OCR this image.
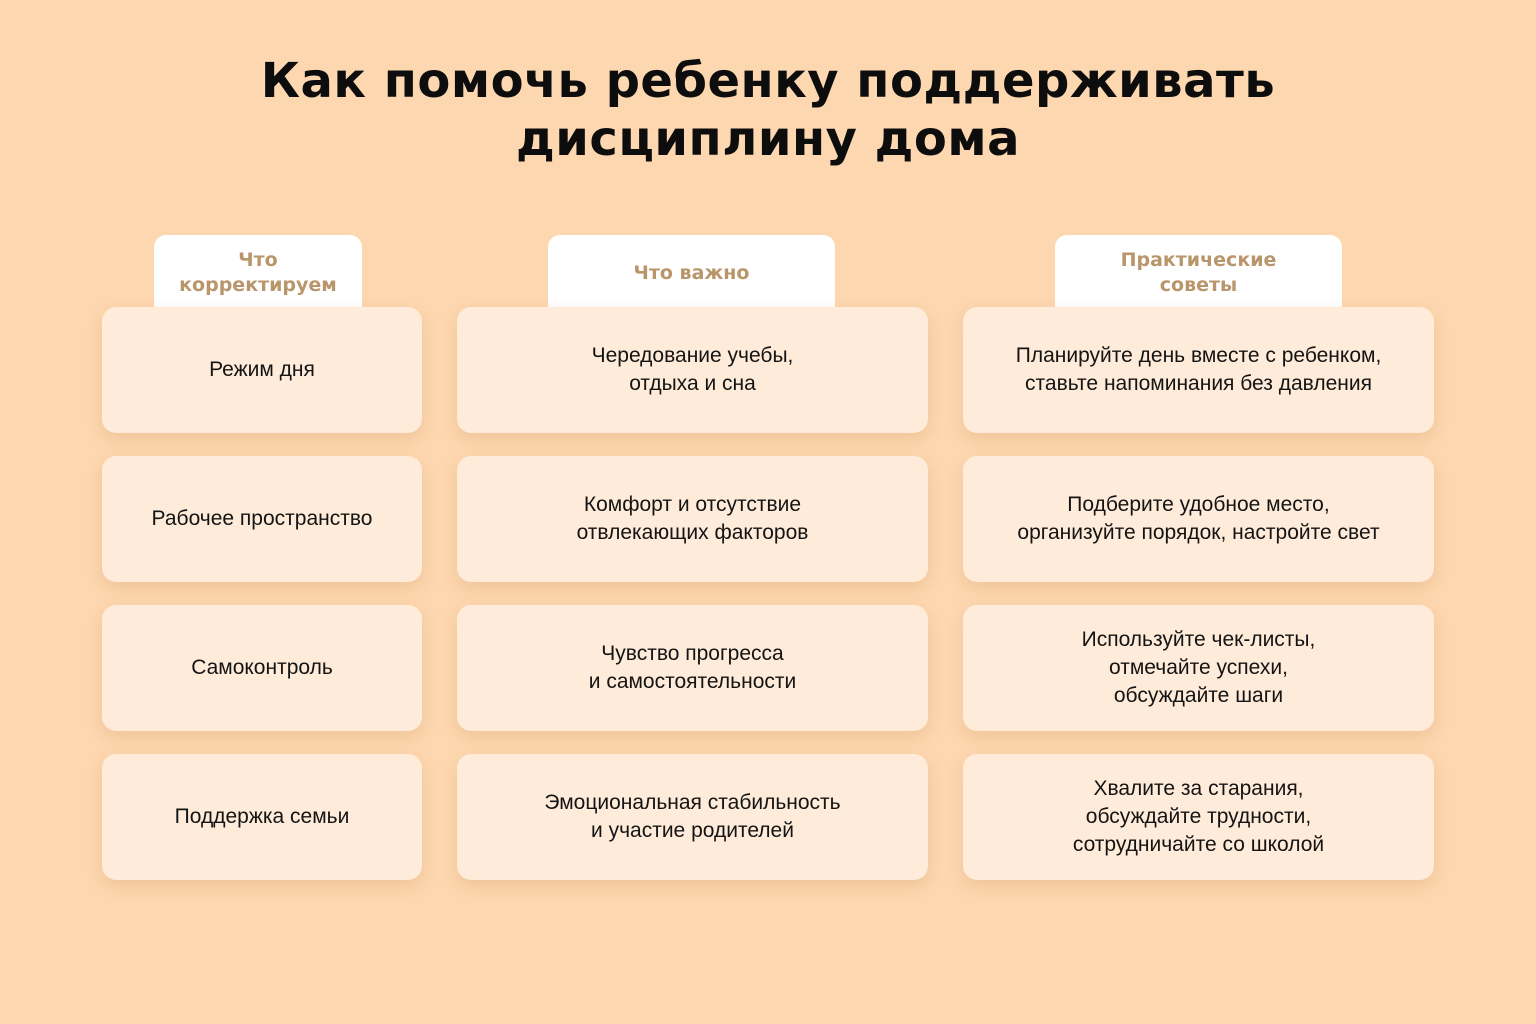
Как помочь ребенку поддерживать
дисциплину дома
Что
корректируем
Что важно
Практические
советы
Режим дня
Чередование учебы,
отдыха и сна
Планируйте день вместе с ребенком,
ставьте напоминания без давления
Рабочее пространство
Комфорт и отсутствие
отвлекающих факторов
Подберите удобное место,
организуйте порядок, настройте свет
Самоконтроль
Чувство прогресса
и самостоятельности
Используйте чек-листы,
отмечайте успехи,
обсуждайте шаги
Поддержка семьи
Эмоциональная стабильность
и участие родителей
Хвалите за старания,
обсуждайте трудности,
сотрудничайте со школой
